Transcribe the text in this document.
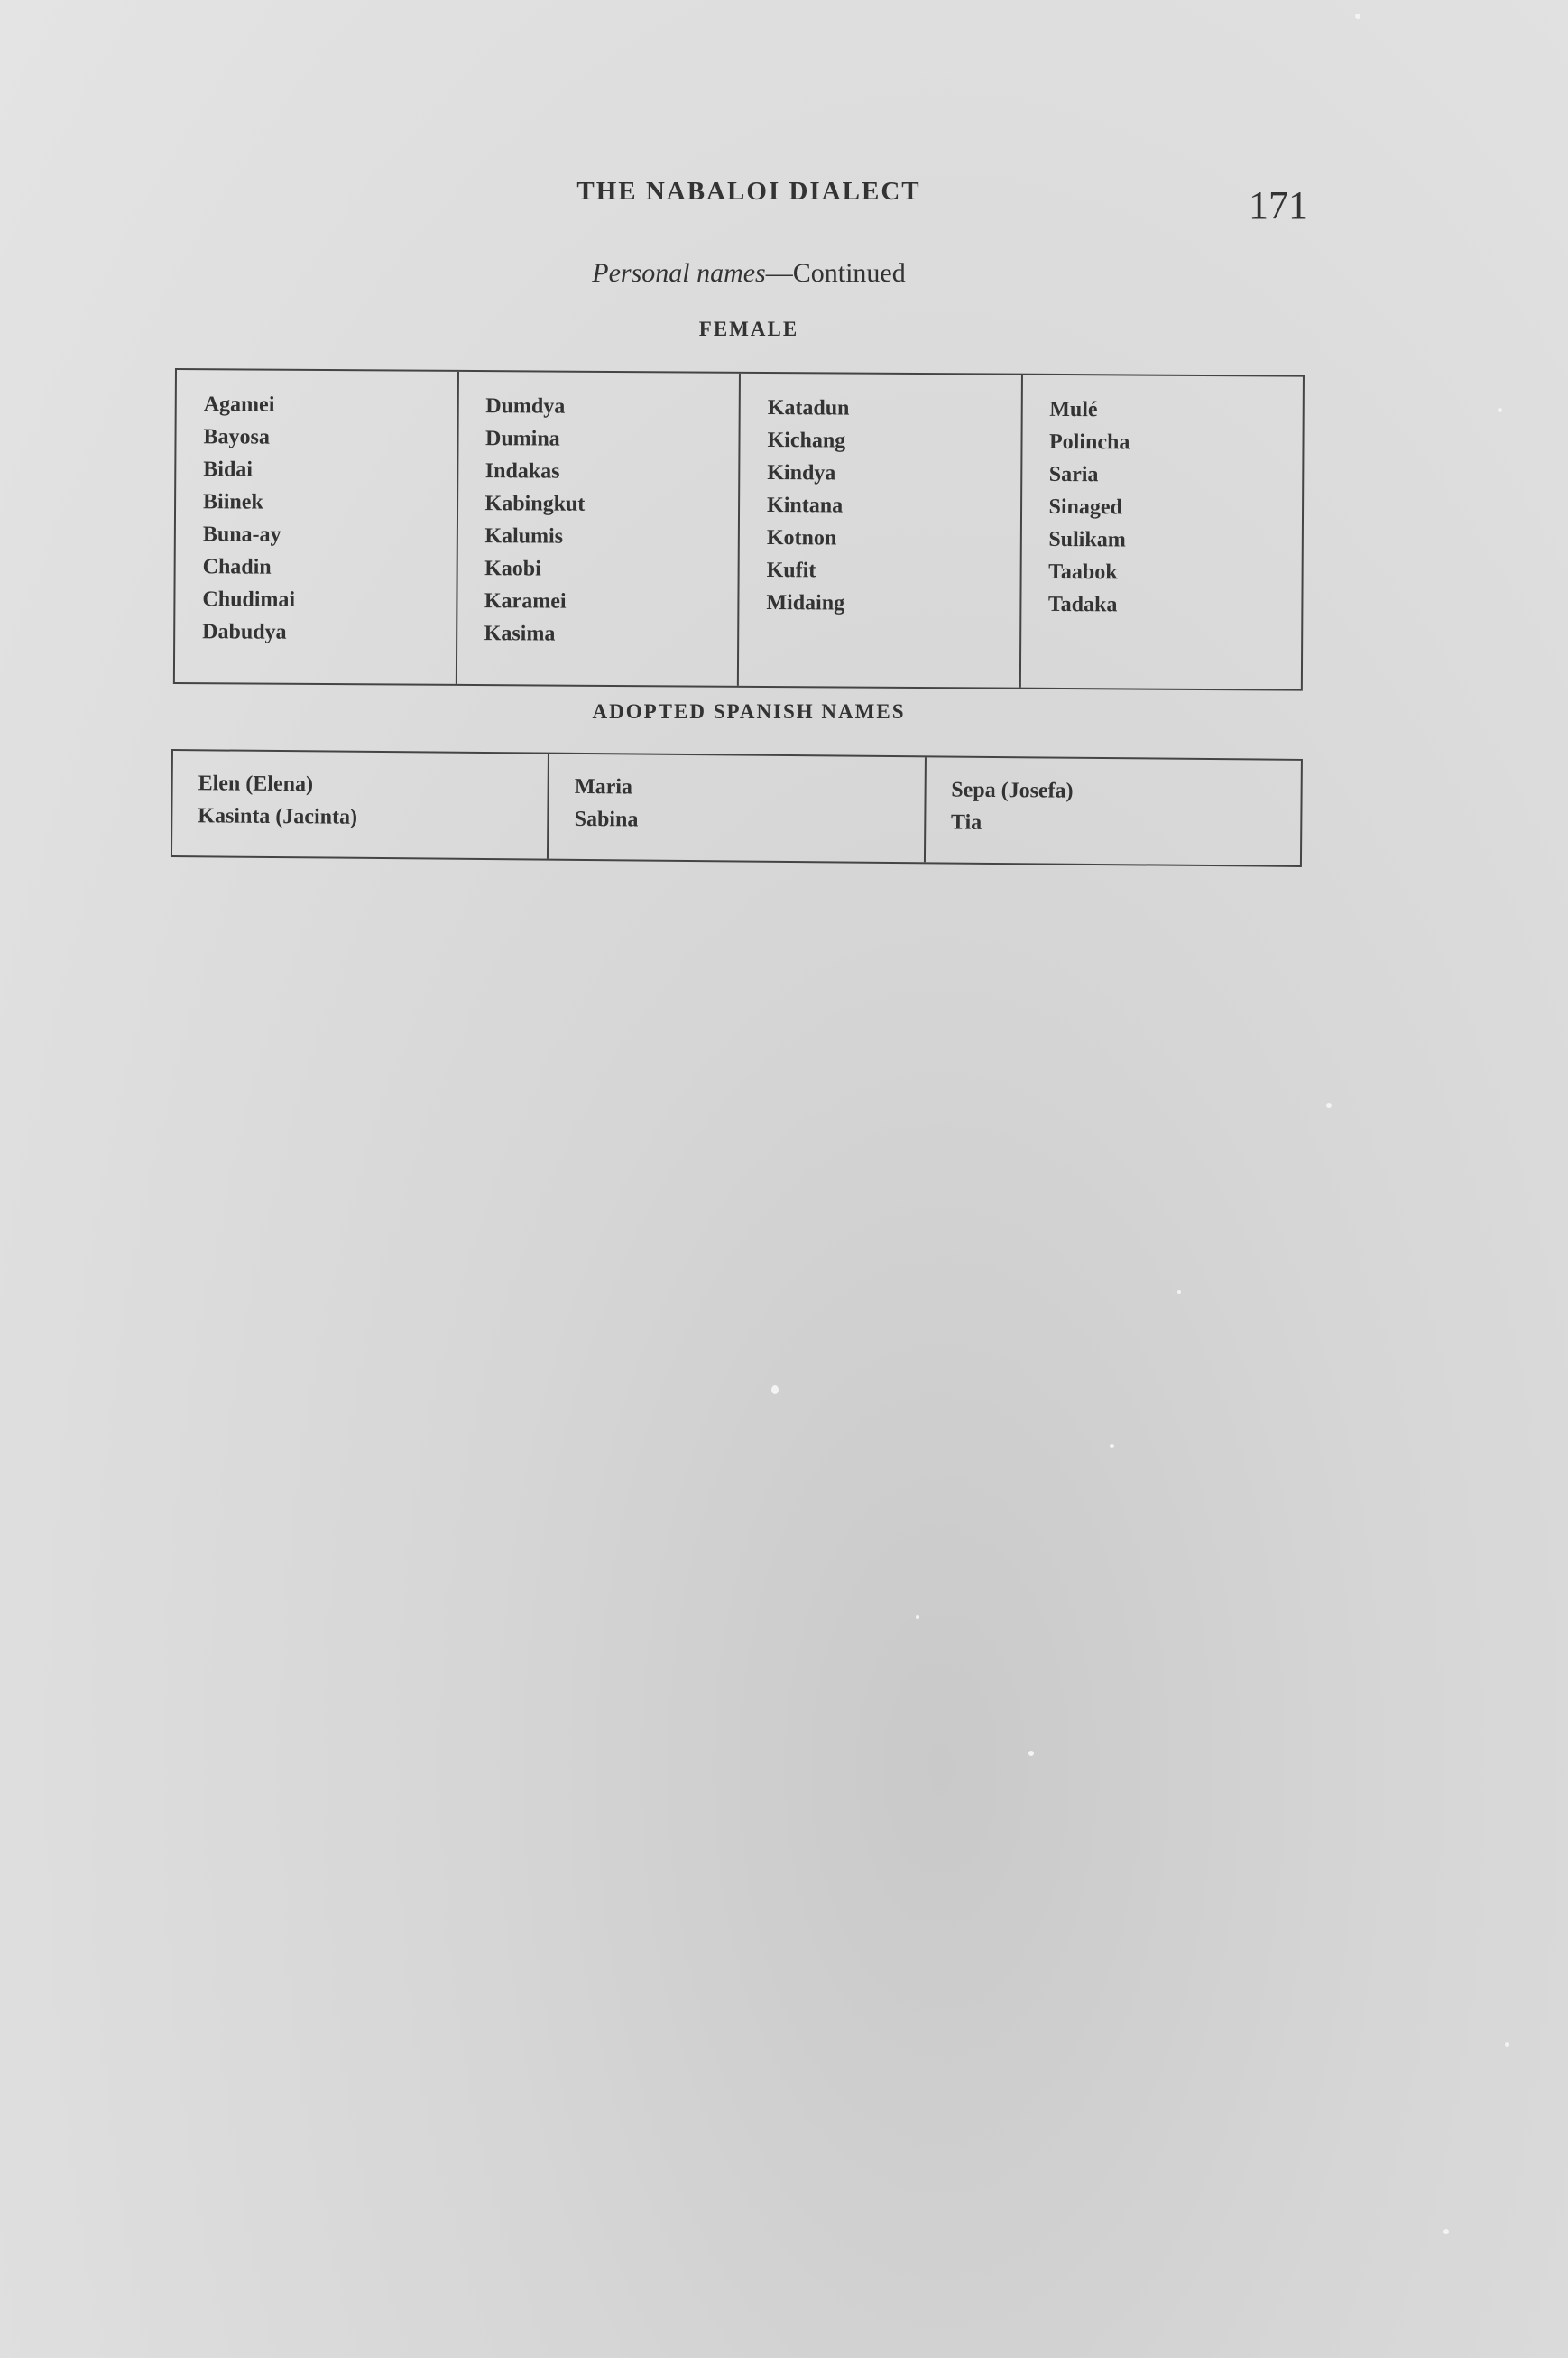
THE NABALOI DIALECT	171
Personal names—Continued
FEMALE
Agamei
Bayosa
Bidai
Biinek
Buna-ay
Chadin
Chudimai
Dabudya
Dumdya
Dumina
Indakas
Kabingkut
Kalumis
Kaobi
Karamei
Kasima
Katadun
Kichang
Kindya
Kintana
Kotnon
Kufit
Midaing
Mulé
Polincha
Saria
Sinaged
Sulikam
Taabok
Tadaka
ADOPTED SPANISH NAMES
Elen (Elena)
Kasinta (Jacinta)
Maria
Sabina
Sepa (Josefa)
Tia
